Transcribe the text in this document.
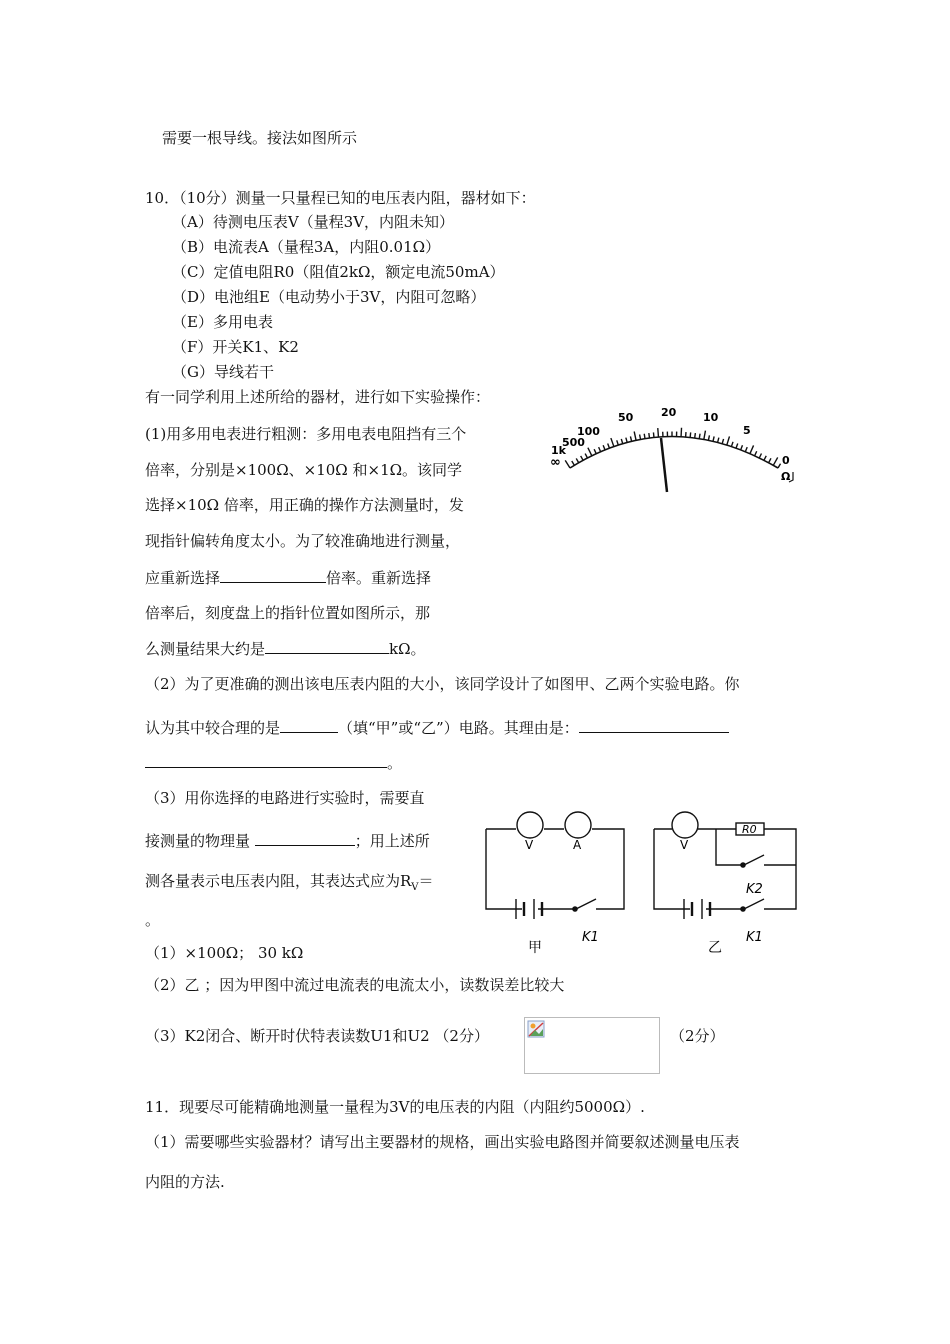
需要一根导线。接法如图所示
10．（10分）测量一只量程已知的电压表内阻，器材如下：
（A）待测电压表V（量程3V，内阻未知）
（B）电流表A（量程3A，内阻0.01Ω）
（C）定值电阻R0（阻值2kΩ，额定电流50mA）
（D）电池组E（电动势小于3V，内阻可忽略）
（E）多用电表
（F）开关K1、K2
（G）导线若干
有一同学利用上述所给的器材，进行如下实验操作：
(1)用多用电表进行粗测：多用电表电阻挡有三个
倍率，分别是×100Ω、×10Ω 和×1Ω。该同学
选择×10Ω 倍率，用正确的操作方法测量时，发
现指针偏转角度太小。为了较准确地进行测量，
应重新选择	倍率。重新选择
倍率后，刻度盘上的指针位置如图所示，那
么测量结果大约是	kΩ。
∞
1k
500
100
50	20 10
5
0
Ω
（2）为了更准确的测出该电压表内阻的大小，该同学设计了如图甲、乙两个实验电路。你
认为其中较合理的是	（填“甲”或“乙”）电路。其理由是：
。
（3）用你选择的电路进行实验时，需要直
接测量的物理量	；用上述所
测各量表示电压表内阻，其表达式应为$R_V=$
。
V	A
K1
甲
V
R0
K2
K1
乙
（1）×100Ω； 30 kΩ
（2）乙 ；因为甲图中流过电流表的电流太小，读数误差比较大
（3）K2闭合、断开时伏特表读数U1和U2 （2分）	（2分）
11．现要尽可能精确地测量一量程为3V的电压表的内阻（内阻约5000Ω）.
（1）需要哪些实验器材？请写出主要器材的规格，画出实验电路图并简要叙述测量电压表
内阻的方法.
